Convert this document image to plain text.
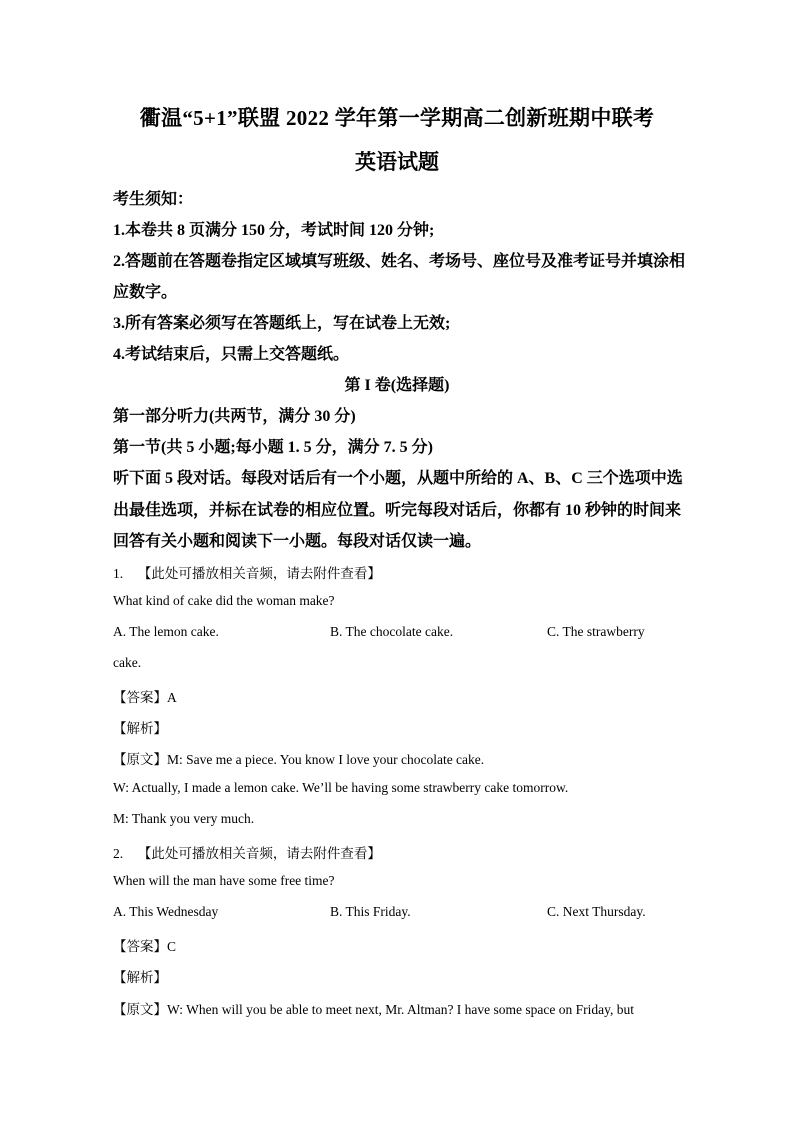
衢温“5+1”联盟 2022 学年第一学期高二创新班期中联考
英语试题
考生须知：
1.本卷共 8 页满分 150 分，考试时间 120 分钟;
2.答题前在答题卷指定区域填写班级、姓名、考场号、座位号及准考证号并填涂相
应数字。
3.所有答案必须写在答题纸上，写在试卷上无效;
4.考试结束后，只需上交答题纸。
第 I 卷(选择题)
第一部分听力(共两节，满分 30 分)
第一节(共 5 小题;每小题 1. 5 分，满分 7. 5 分)
听下面 5 段对话。每段对话后有一个小题，从题中所给的 A、B、C 三个选项中选
出最佳选项，并标在试卷的相应位置。听完每段对话后，你都有 10 秒钟的时间来
回答有关小题和阅读下一小题。每段对话仅读一遍。
1. 【此处可播放相关音频，请去附件查看】
What kind of cake did the woman make?
A. The lemon cake.	B. The chocolate cake.	C. The strawberry
cake.
【答案】A
【解析】
【原文】M: Save me a piece. You know I love your chocolate cake.
W: Actually, I made a lemon cake. We’ll be having some strawberry cake tomorrow.
M: Thank you very much.
2. 【此处可播放相关音频，请去附件查看】
When will the man have some free time?
A. This Wednesday	B. This Friday.	C. Next Thursday.
【答案】C
【解析】
【原文】W: When will you be able to meet next, Mr. Altman? I have some space on Friday, but
